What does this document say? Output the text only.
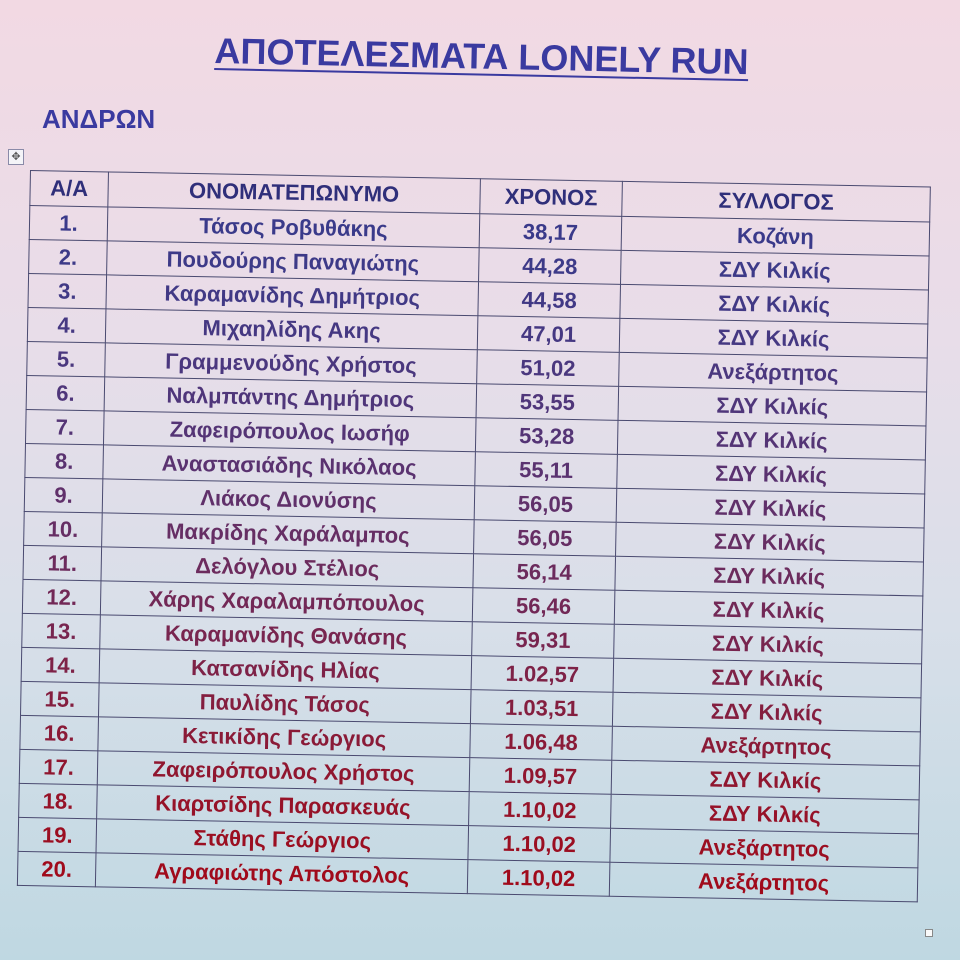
ΑΠΟΤΕΛΕΣΜΑΤΑ LONELY RUN
ΑΝΔΡΩΝ
✥
Α/Α	ΟΝΟΜΑΤΕΠΩΝΥΜΟ	ΧΡΟΝΟΣ	ΣΥΛΛΟΓΟΣ
1.	Τάσος Ροβυθάκης	38,17	Κοζάνη
2.	Πουδούρης Παναγιώτης	44,28	ΣΔΥ Κιλκίς
3.	Καραμανίδης Δημήτριος	44,58	ΣΔΥ Κιλκίς
4.	Μιχαηλίδης Ακης	47,01	ΣΔΥ Κιλκίς
5.	Γραμμενούδης Χρήστος	51,02	Ανεξάρτητος
6.	Ναλμπάντης Δημήτριος	53,55	ΣΔΥ Κιλκίς
7.	Ζαφειρόπουλος Ιωσήφ	53,28	ΣΔΥ Κιλκίς
8.	Αναστασιάδης Νικόλαος	55,11	ΣΔΥ Κιλκίς
9.	Λιάκος Διονύσης	56,05	ΣΔΥ Κιλκίς
10.	Μακρίδης Χαράλαμπος	56,05	ΣΔΥ Κιλκίς
11.	Δελόγλου Στέλιος	56,14	ΣΔΥ Κιλκίς
12.	Χάρης Χαραλαμπόπουλος	56,46	ΣΔΥ Κιλκίς
13.	Καραμανίδης Θανάσης	59,31	ΣΔΥ Κιλκίς
14.	Κατσανίδης Ηλίας	1.02,57	ΣΔΥ Κιλκίς
15.	Παυλίδης Τάσος	1.03,51	ΣΔΥ Κιλκίς
16.	Κετικίδης Γεώργιος	1.06,48	Ανεξάρτητος
17.	Ζαφειρόπουλος Χρήστος	1.09,57	ΣΔΥ Κιλκίς
18.	Κιαρτσίδης Παρασκευάς	1.10,02	ΣΔΥ Κιλκίς
19.	Στάθης Γεώργιος	1.10,02	Ανεξάρτητος
20.	Αγραφιώτης Απόστολος	1.10,02	Ανεξάρτητος
